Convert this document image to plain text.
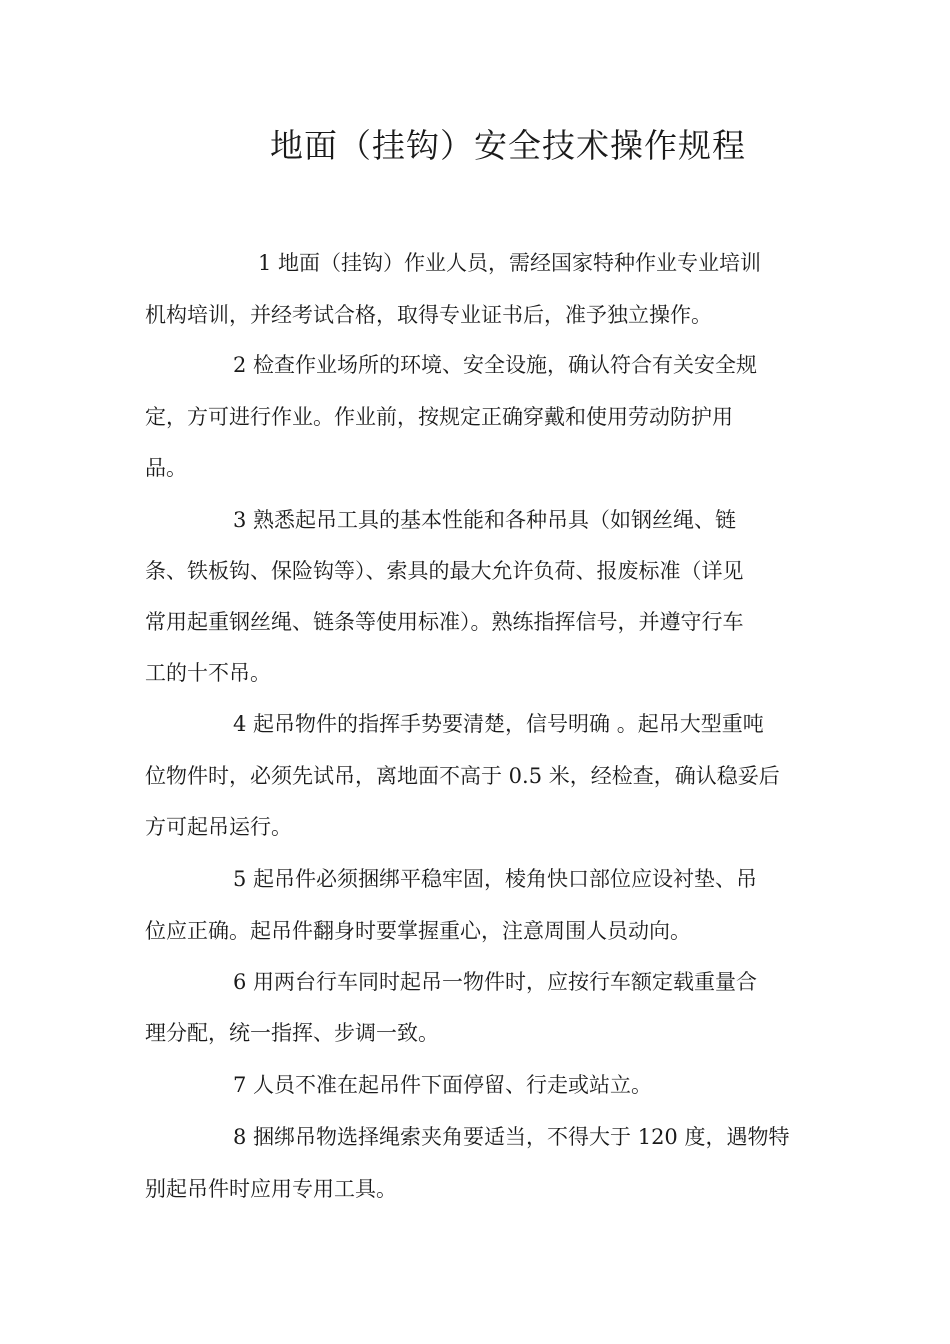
地面（挂钩）安全技术操作规程
1 地面（挂钩）作业人员，需经国家特种作业专业培训
机构培训，并经考试合格，取得专业证书后，准予独立操作。
2 检查作业场所的环境、安全设施，确认符合有关安全规
定，方可进行作业。作业前，按规定正确穿戴和使用劳动防护用
品。
3 熟悉起吊工具的基本性能和各种吊具（如钢丝绳、链
条、铁板钩、保险钩等）、索具的最大允许负荷、报废标准（详见
常用起重钢丝绳、链条等使用标准）。熟练指挥信号，并遵守行车
工的十不吊。
4 起吊物件的指挥手势要清楚，信号明确 。起吊大型重吨
位物件时，必须先试吊，离地面不高于 0.5 米，经检查，确认稳妥后
方可起吊运行。
5 起吊件必须捆绑平稳牢固，棱角快口部位应设衬垫、吊
位应正确。起吊件翻身时要掌握重心，注意周围人员动向。
6 用两台行车同时起吊一物件时，应按行车额定载重量合
理分配，统一指挥、步调一致。
7 人员不准在起吊件下面停留、行走或站立。
8 捆绑吊物选择绳索夹角要适当，不得大于 120 度，遇物特
别起吊件时应用专用工具。
